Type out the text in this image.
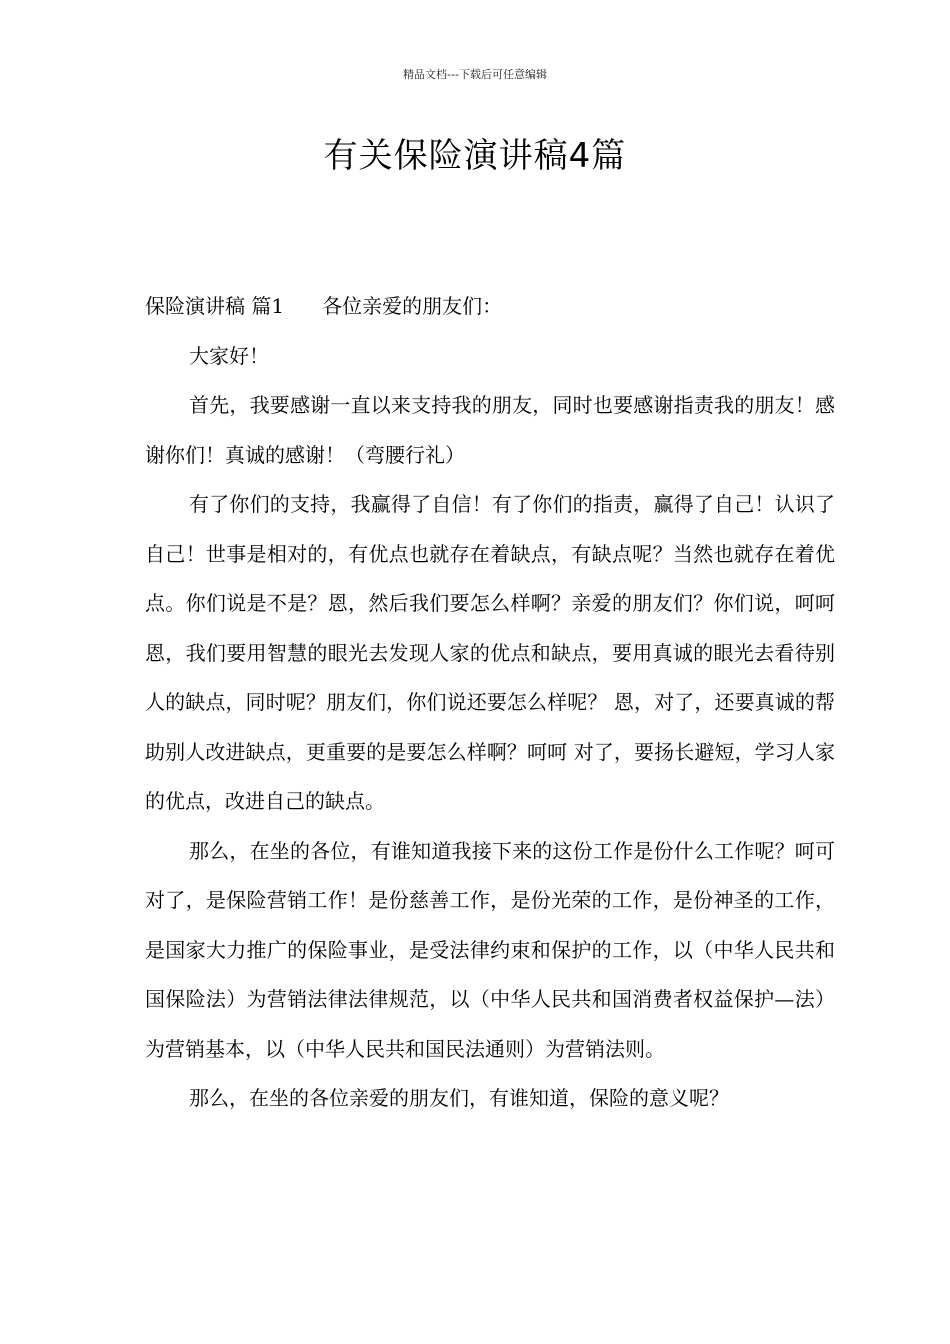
精品文档---下载后可任意编辑
有关保险演讲稿4篇

保险演讲稿 篇1 各位亲爱的朋友们：

大家好！

首先，我要感谢一直以来支持我的朋友，同时也要感谢指责我的朋友！感谢你们！真诚的感谢！（弯腰行礼）

有了你们的支持，我赢得了自信！有了你们的指责，赢得了自己！认识了自己！世事是相对的，有优点也就存在着缺点，有缺点呢？当然也就存在着优点。你们说是不是？恩，然后我们要怎么样啊？亲爱的朋友们？你们说，呵呵 恩，我们要用智慧的眼光去发现人家的优点和缺点，要用真诚的眼光去看待别人的缺点，同时呢？朋友们，你们说还要怎么样呢？ 恩，对了，还要真诚的帮助别人改进缺点，更重要的是要怎么样啊？呵呵 对了，要扬长避短，学习人家的优点，改进自己的缺点。

那么，在坐的各位，有谁知道我接下来的这份工作是份什么工作呢？呵可 对了，是保险营销工作！是份慈善工作，是份光荣的工作，是份神圣的工作，是国家大力推广的保险事业，是受法律约束和保护的工作，以（中华人民共和国保险法）为营销法律法律规范，以（中华人民共和国消费者权益保护—法）为营销基本，以（中华人民共和国民法通则）为营销法则。

那么，在坐的各位亲爱的朋友们，有谁知道，保险的意义呢？
